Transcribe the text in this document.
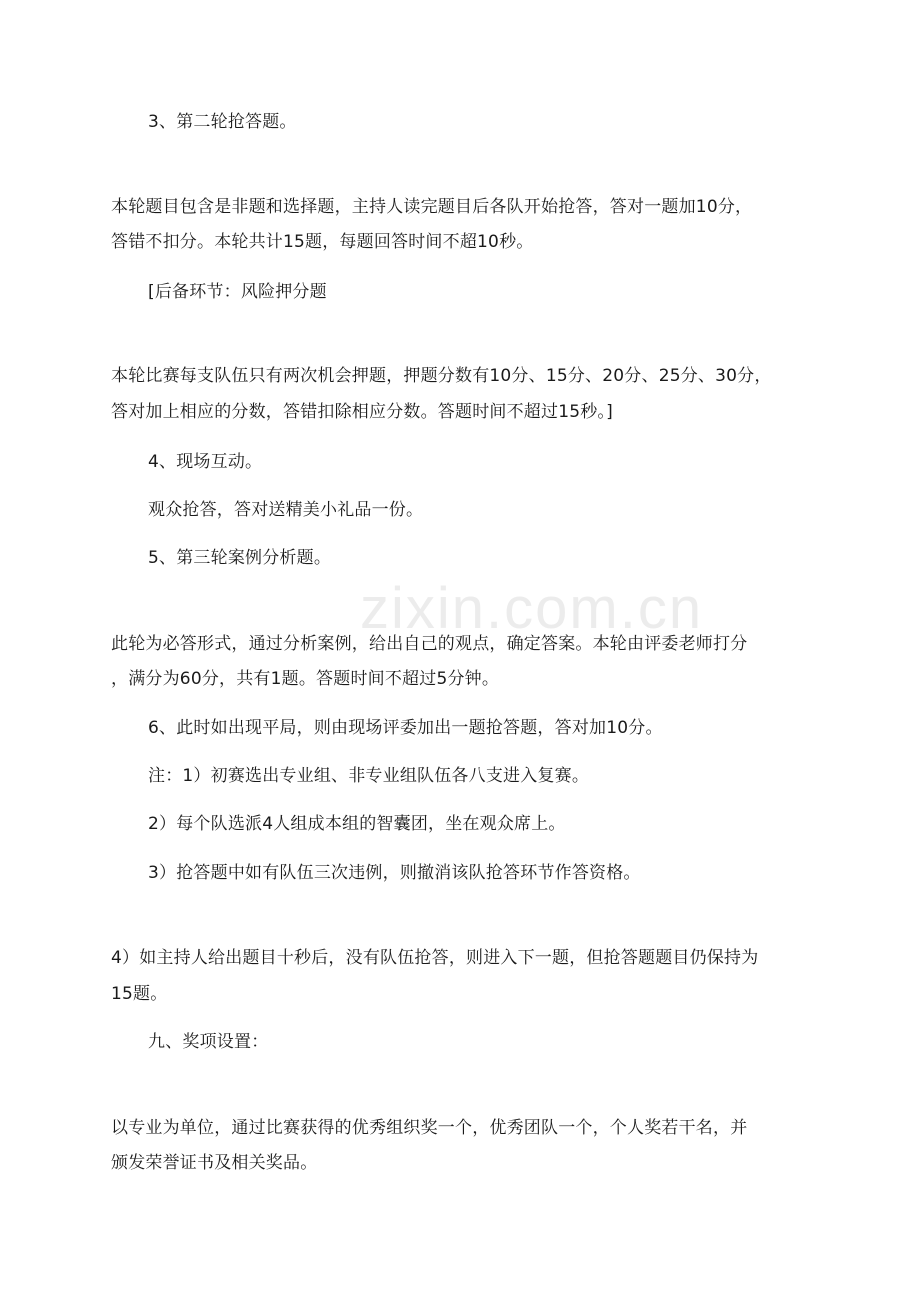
zixin.com.cn
3、第二轮抢答题。
本轮题目包含是非题和选择题，主持人读完题目后各队开始抢答，答对一题加10分，
答错不扣分。本轮共计15题，每题回答时间不超10秒。
[后备环节：风险押分题
本轮比赛每支队伍只有两次机会押题，押题分数有10分、15分、20分、25分、30分，
答对加上相应的分数，答错扣除相应分数。答题时间不超过15秒。]
4、现场互动。
观众抢答，答对送精美小礼品一份。
5、第三轮案例分析题。
此轮为必答形式，通过分析案例，给出自己的观点，确定答案。本轮由评委老师打分
，满分为60分，共有1题。答题时间不超过5分钟。
6、此时如出现平局，则由现场评委加出一题抢答题，答对加10分。
注：1）初赛选出专业组、非专业组队伍各八支进入复赛。
2）每个队选派4人组成本组的智囊团，坐在观众席上。
3）抢答题中如有队伍三次违例，则撤消该队抢答环节作答资格。
4）如主持人给出题目十秒后，没有队伍抢答，则进入下一题，但抢答题题目仍保持为
15题。
九、奖项设置：
以专业为单位，通过比赛获得的优秀组织奖一个，优秀团队一个，个人奖若干名，并
颁发荣誉证书及相关奖品。
